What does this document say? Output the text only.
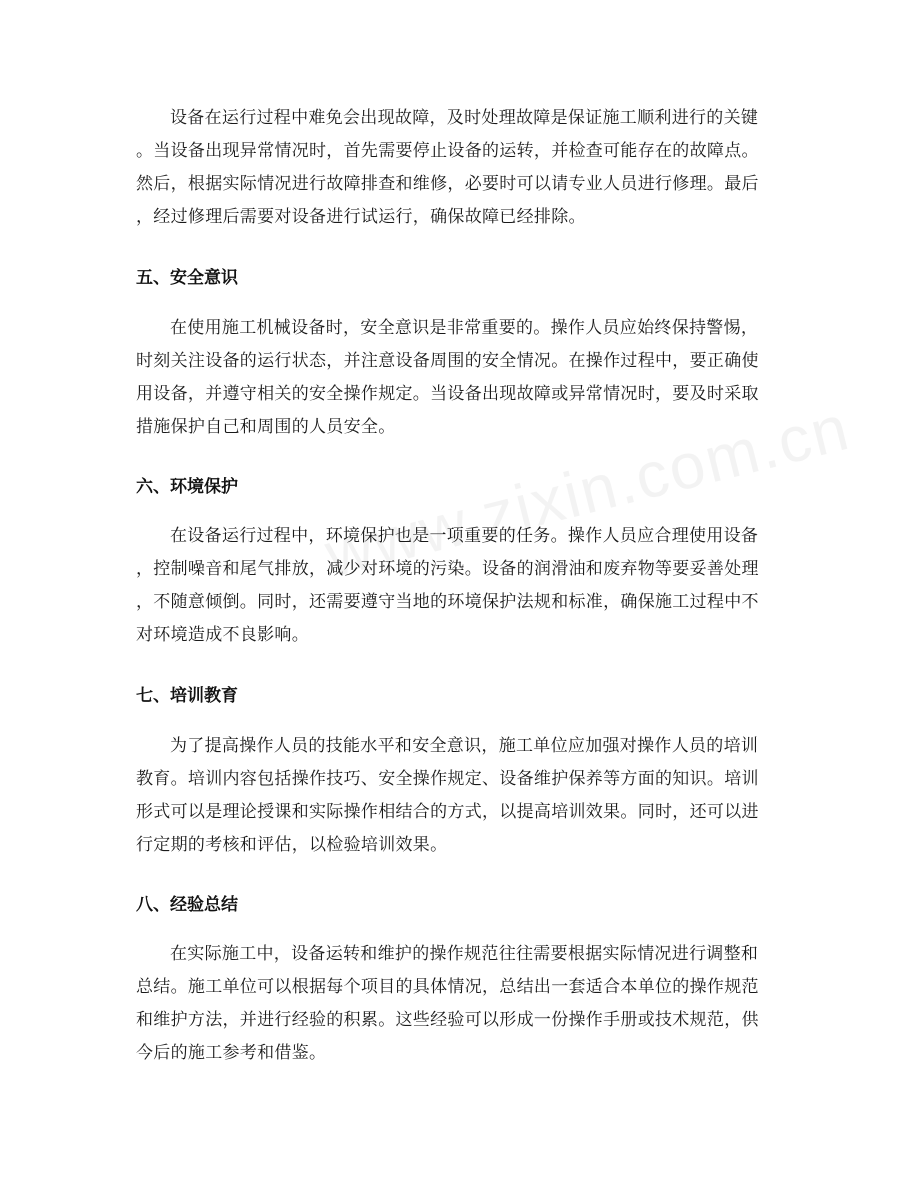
设备在运行过程中难免会出现故障，及时处理故障是保证施工顺利进行的关键
。当设备出现异常情况时，首先需要停止设备的运转，并检查可能存在的故障点。
然后，根据实际情况进行故障排查和维修，必要时可以请专业人员进行修理。最后
，经过修理后需要对设备进行试运行，确保故障已经排除。

五、安全意识

在使用施工机械设备时，安全意识是非常重要的。操作人员应始终保持警惕，
时刻关注设备的运行状态，并注意设备周围的安全情况。在操作过程中，要正确使
用设备，并遵守相关的安全操作规定。当设备出现故障或异常情况时，要及时采取
措施保护自己和周围的人员安全。

六、环境保护

在设备运行过程中，环境保护也是一项重要的任务。操作人员应合理使用设备
，控制噪音和尾气排放，减少对环境的污染。设备的润滑油和废弃物等要妥善处理
，不随意倾倒。同时，还需要遵守当地的环境保护法规和标准，确保施工过程中不
对环境造成不良影响。

七、培训教育

为了提高操作人员的技能水平和安全意识，施工单位应加强对操作人员的培训
教育。培训内容包括操作技巧、安全操作规定、设备维护保养等方面的知识。培训
形式可以是理论授课和实际操作相结合的方式，以提高培训效果。同时，还可以进
行定期的考核和评估，以检验培训效果。

八、经验总结

在实际施工中，设备运转和维护的操作规范往往需要根据实际情况进行调整和
总结。施工单位可以根据每个项目的具体情况，总结出一套适合本单位的操作规范
和维护方法，并进行经验的积累。这些经验可以形成一份操作手册或技术规范，供
今后的施工参考和借鉴。
